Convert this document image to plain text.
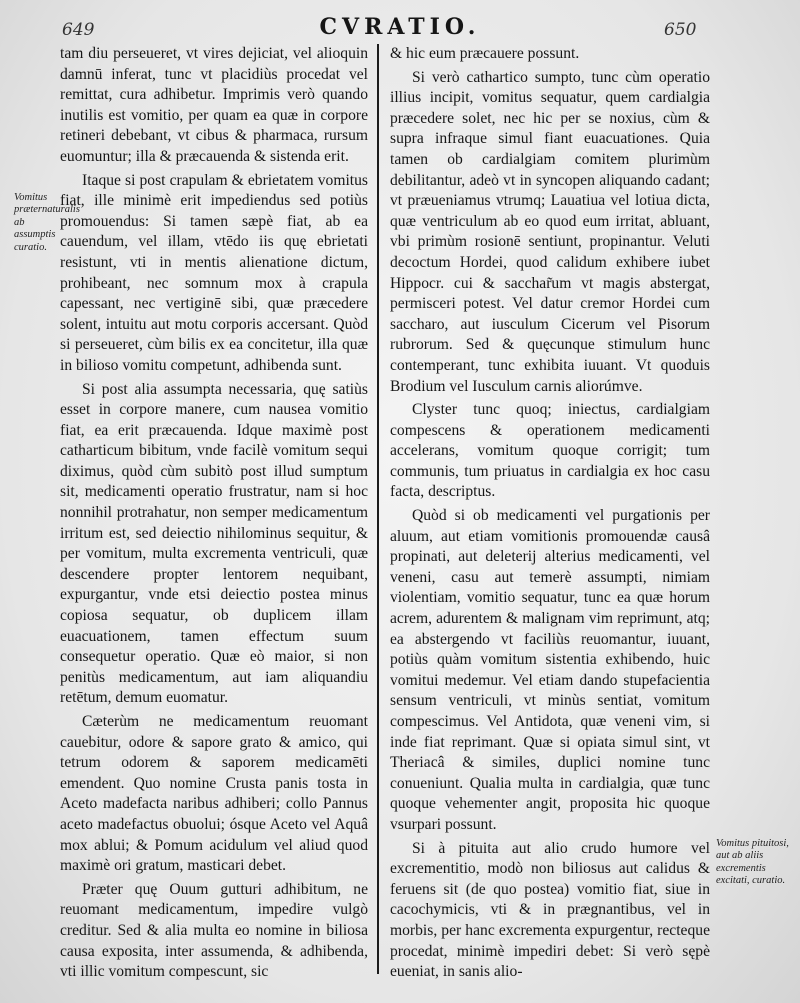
649	CVRATIO.	650
Vomitus præternaturalis ab assumptis curatio.

tam diu perseueret, vt vires dejiciat, vel alioquin damnū inferat, tunc vt placidiùs procedat vel remittat, cura adhibetur. Imprimis verò quando inutilis est vomitio, per quam ea quæ in corpore retineri debebant, vt cibus & pharmaca, rursum euomuntur; illa & præcauenda & sistenda erit.

Itaque si post crapulam & ebrietatem vomitus fiat, ille minimè erit impediendus sed potiùs promouendus: Si tamen sæpè fiat, ab ea cauendum, vel illam, vtēdo iis quę ebrietati resistunt, vti in mentis alienatione dictum, prohibeant, nec somnum mox à crapula capessant, nec vertiginē sibi, quæ præcedere solent, intuitu aut motu corporis accersant. Quòd si perseueret, cùm bilis ex ea concitetur, illa quæ in bilioso vomitu competunt, adhibenda sunt.

Si post alia assumpta necessaria, quę satiùs esset in corpore manere, cum nausea vomitio fiat, ea erit præcauenda. Idque maximè post catharticum bibitum, vnde facilè vomitum sequi diximus, quòd cùm subitò post illud sumptum sit, medicamenti operatio frustratur, nam si hoc nonnihil protrahatur, non semper medicamentum irritum est, sed deiectio nihilominus sequitur, & per vomitum, multa excrementa ventriculi, quæ descendere propter lentorem nequibant, expurgantur, vnde etsi deiectio postea minus copiosa sequatur, ob duplicem illam euacuationem, tamen effectum suum consequetur operatio. Quæ eò maior, si non penitùs medicamentum, aut iam aliquandiu retētum, demum euomatur.

Cæterùm ne medicamentum reuomant cauebitur, odore & sapore grato & amico, qui tetrum odorem & saporem medicamēti emendent. Quo nomine Crusta panis tosta in Aceto madefacta naribus adhiberi; collo Pannus aceto madefactus obuolui; ósque Aceto vel Aquâ mox ablui; & Pomum acidulum vel aliud quod maximè ori gratum, masticari debet.

Præter quę Ouum gutturi adhibitum, ne reuomant medicamentum, impedire vulgò creditur. Sed & alia multa eo nomine in biliosa causa exposita, inter assumenda, & adhibenda, vti illic vomitum compescunt, sic

& hic eum præcauere possunt.

Si verò cathartico sumpto, tunc cùm operatio illius incipit, vomitus sequatur, quem cardialgia præcedere solet, nec hic per se noxius, cùm & supra infraque simul fiant euacuationes. Quia tamen ob cardialgiam comitem plurimùm debilitantur, adeò vt in syncopen aliquando cadant; vt præueniamus vtrumq; Lauatiua vel lotiua dicta, quæ ventriculum ab eo quod eum irritat, abluant, vbi primùm rosionē sentiunt, propinantur. Veluti decoctum Hordei, quod calidum exhibere iubet Hippocr. cui & sacchar̃um vt magis abstergat, permisceri potest. Vel datur cremor Hordei cum saccharo, aut iusculum Cicerum vel Pisorum rubrorum. Sed & quęcunque stimulum hunc contemperant, tunc exhibita iuuant. Vt quoduis Brodium vel Iusculum carnis aliorúmve.

Clyster tunc quoq; iniectus, cardialgiam compescens & operationem medicamenti accelerans, vomitum quoque corrigit; tum communis, tum priuatus in cardialgia ex hoc casu facta, descriptus.

Quòd si ob medicamenti vel purgationis per aluum, aut etiam vomitionis promouendæ causâ propinati, aut deleterij alterius medicamenti, vel veneni, casu aut temerè assumpti, nimiam violentiam, vomitio sequatur, tunc ea quæ horum acrem, adurentem & malignam vim reprimunt, atq; ea abstergendo vt faciliùs reuomantur, iuuant, potiùs quàm vomitum sistentia exhibendo, huic vomitui medemur. Vel etiam dando stupefacientia sensum ventriculi, vt minùs sentiat, vomitum compescimus. Vel Antidota, quæ veneni vim, si inde fiat reprimant. Quæ si opiata simul sint, vt Theriacâ & similes, duplici nomine tunc conueniunt. Qualia multa in cardialgia, quæ tunc quoque vehementer angit, proposita hic quoque vsurpari possunt.

Si à pituita aut alio crudo humore vel excrementitio, modò non biliosus aut calidus & feruens sit (de quo postea) vomitio fiat, siue in cacochymicis, vti & in prægnantibus, vel in morbis, per hanc excrementa expurgentur, recteque procedat, minimè impediri debet: Si verò sępè eueniat, in sanis alio-

Vomitus pituitosi, aut ab aliis excrementis excitati, curatio.
